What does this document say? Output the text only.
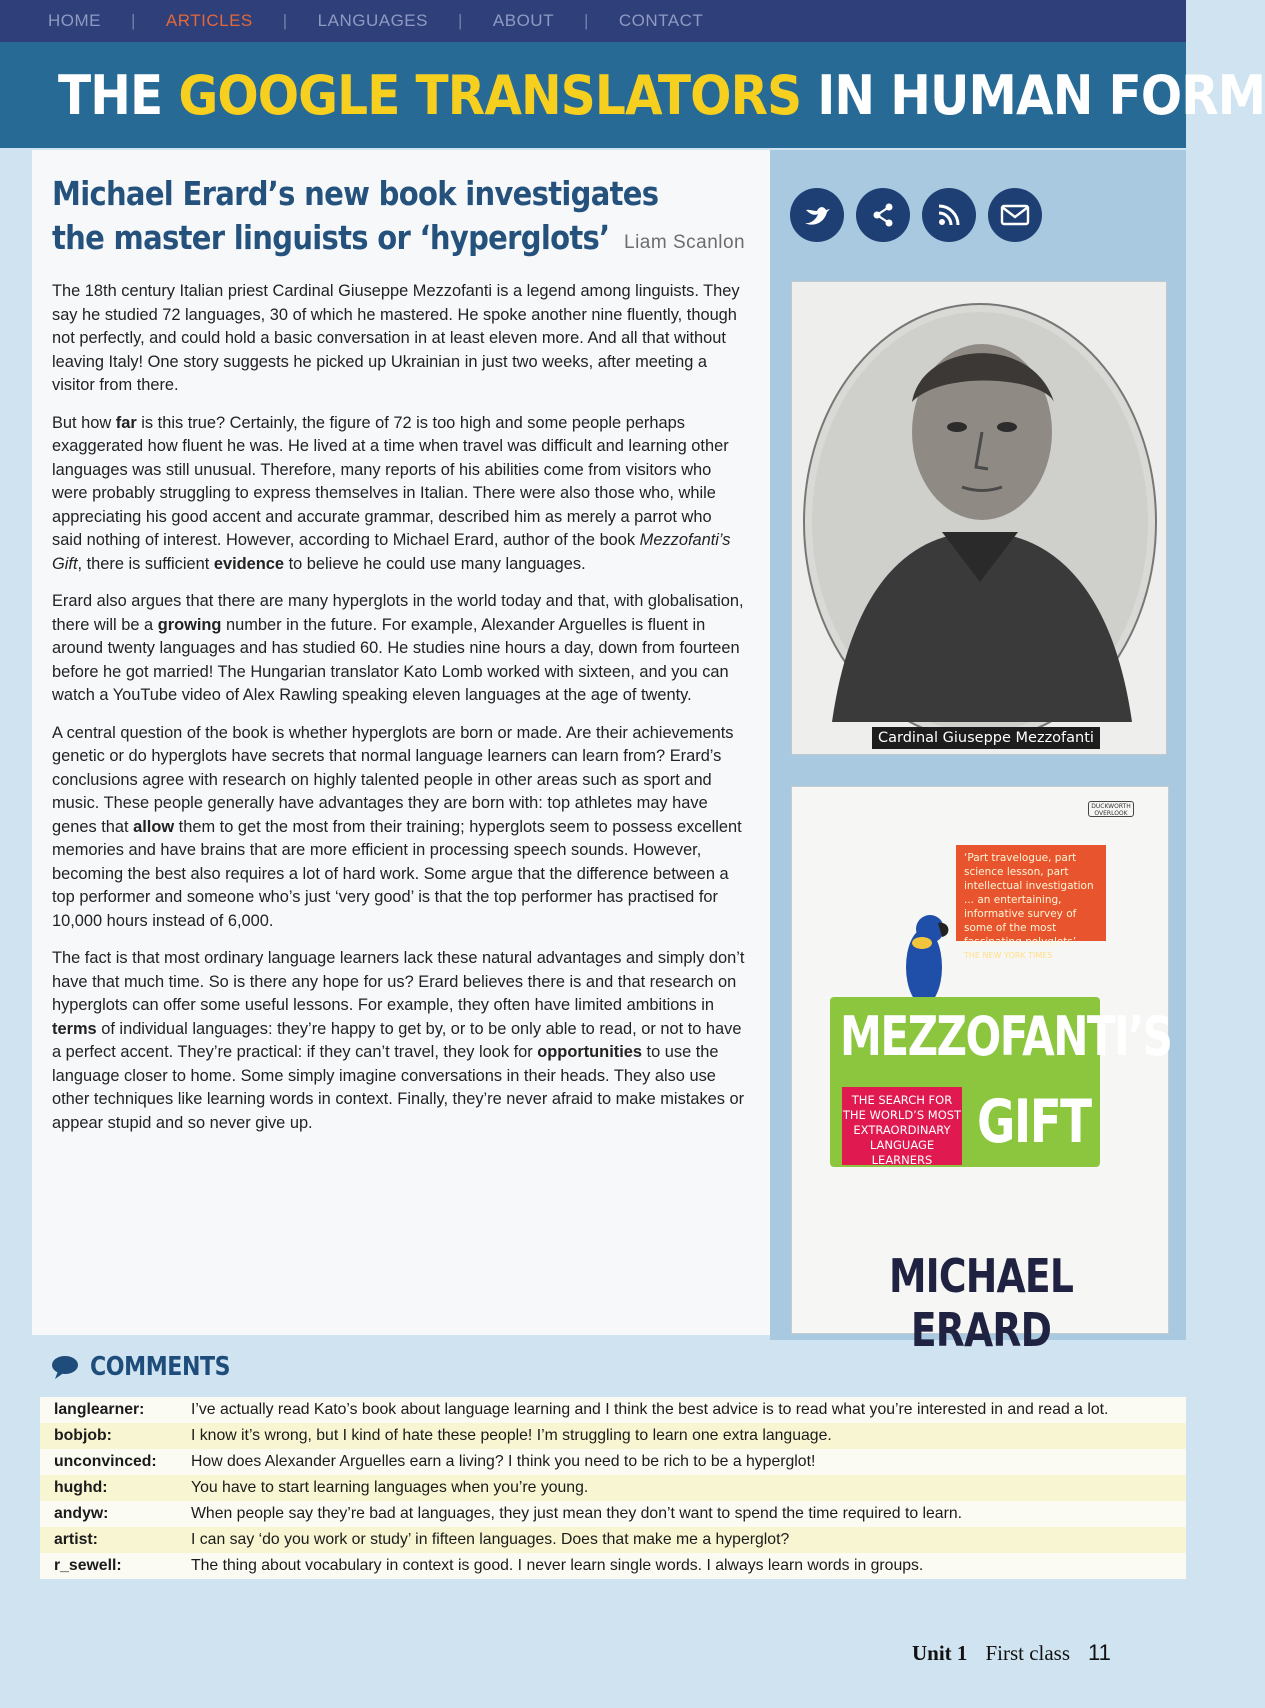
HOME | ARTICLES | LANGUAGES | ABOUT | CONTACT
THE GOOGLE TRANSLATORS IN HUMAN FORM
Michael Erard’s new book investigates the master linguists or ‘hyperglots’ Liam Scanlon

The 18th century Italian priest Cardinal Giuseppe Mezzofanti is a legend among linguists. They say he studied 72 languages, 30 of which he mastered. He spoke another nine fluently, though not perfectly, and could hold a basic conversation in at least eleven more. And all that without leaving Italy! One story suggests he picked up Ukrainian in just two weeks, after meeting a visitor from there.

But how far is this true? Certainly, the figure of 72 is too high and some people perhaps exaggerated how fluent he was. He lived at a time when travel was difficult and learning other languages was still unusual. Therefore, many reports of his abilities come from visitors who were probably struggling to express themselves in Italian. There were also those who, while appreciating his good accent and accurate grammar, described him as merely a parrot who said nothing of interest. However, according to Michael Erard, author of the book Mezzofanti’s Gift, there is sufficient evidence to believe he could use many languages.

Erard also argues that there are many hyperglots in the world today and that, with globalisation, there will be a growing number in the future. For example, Alexander Arguelles is fluent in around twenty languages and has studied 60. He studies nine hours a day, down from fourteen before he got married! The Hungarian translator Kato Lomb worked with sixteen, and you can watch a YouTube video of Alex Rawling speaking eleven languages at the age of twenty.

A central question of the book is whether hyperglots are born or made. Are their achievements genetic or do hyperglots have secrets that normal language learners can learn from? Erard’s conclusions agree with research on highly talented people in other areas such as sport and music. These people generally have advantages they are born with: top athletes may have genes that allow them to get the most from their training; hyperglots seem to possess excellent memories and have brains that are more efficient in processing speech sounds. However, becoming the best also requires a lot of hard work. Some argue that the difference between a top performer and someone who’s just ‘very good’ is that the top performer has practised for 10,000 hours instead of 6,000.

The fact is that most ordinary language learners lack these natural advantages and simply don’t have that much time. So is there any hope for us? Erard believes there is and that research on hyperglots can offer some useful lessons. For example, they often have limited ambitions in terms of individual languages: they’re happy to get by, or to be only able to read, or not to have a perfect accent. They’re practical: if they can’t travel, they look for opportunities to use the language closer to home. Some simply imagine conversations in their heads. They also use other techniques like learning words in context. Finally, they’re never afraid to make mistakes or appear stupid and so never give up.

Cardinal Giuseppe Mezzofanti
DUCKWORTH OVERLOOK
‘Part travelogue, part science lesson, part intellectual investigation ... an entertaining, informative survey of some of the most fascinating polyglots’
THE NEW YORK TIMES
MEZZOFANTI’S
THE SEARCH FOR THE WORLD’S MOST EXTRAORDINARY LANGUAGE LEARNERS
GIFT
MICHAEL ERARD
COMMENTS
langlearner:	I’ve actually read Kato’s book about language learning and I think the best advice is to read what you’re interested in and read a lot.
bobjob:	I know it’s wrong, but I kind of hate these people! I’m struggling to learn one extra language.
unconvinced:	How does Alexander Arguelles earn a living? I think you need to be rich to be a hyperglot!
hughd:	You have to start learning languages when you’re young.
andyw:	When people say they’re bad at languages, they just mean they don’t want to spend the time required to learn.
artist:	I can say ‘do you work or study’ in fifteen languages. Does that make me a hyperglot?
r_sewell:	The thing about vocabulary in context is good. I never learn single words. I always learn words in groups.
Unit 1 First class 11
